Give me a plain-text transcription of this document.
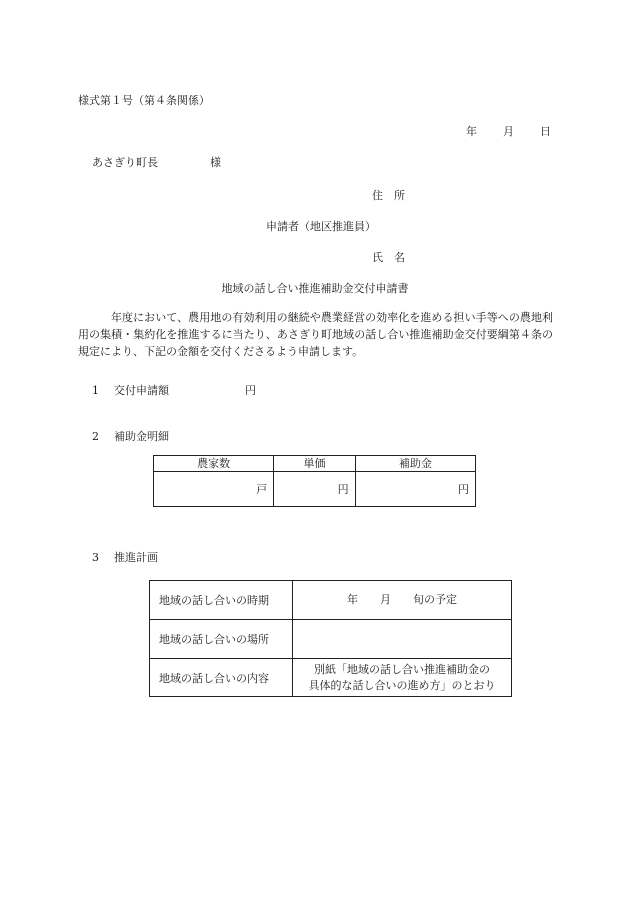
様式第１号（第４条関係）
年 月 日
あさぎり町長	様
住　所
申請者（地区推進員）
氏　名
地域の話し合い推進補助金交付申請書
年度において、農用地の有効利用の継続や農業経営の効率化を進める担い手等への農地利用の集積・集約化を推進するに当たり、あさぎり町地域の話し合い推進補助金交付要綱第４条の規定により、下記の金額を交付くださるよう申請します。
1 交付申請額	円
2 補助金明細
農家数	単価	補助金
戸	円	円
3 推進計画
地域の話し合いの時期	年　　月　　旬の予定
地域の話し合いの場所	
地域の話し合いの内容	別紙「地域の話し合い推進補助金の
具体的な話し合いの進め方」のとおり
